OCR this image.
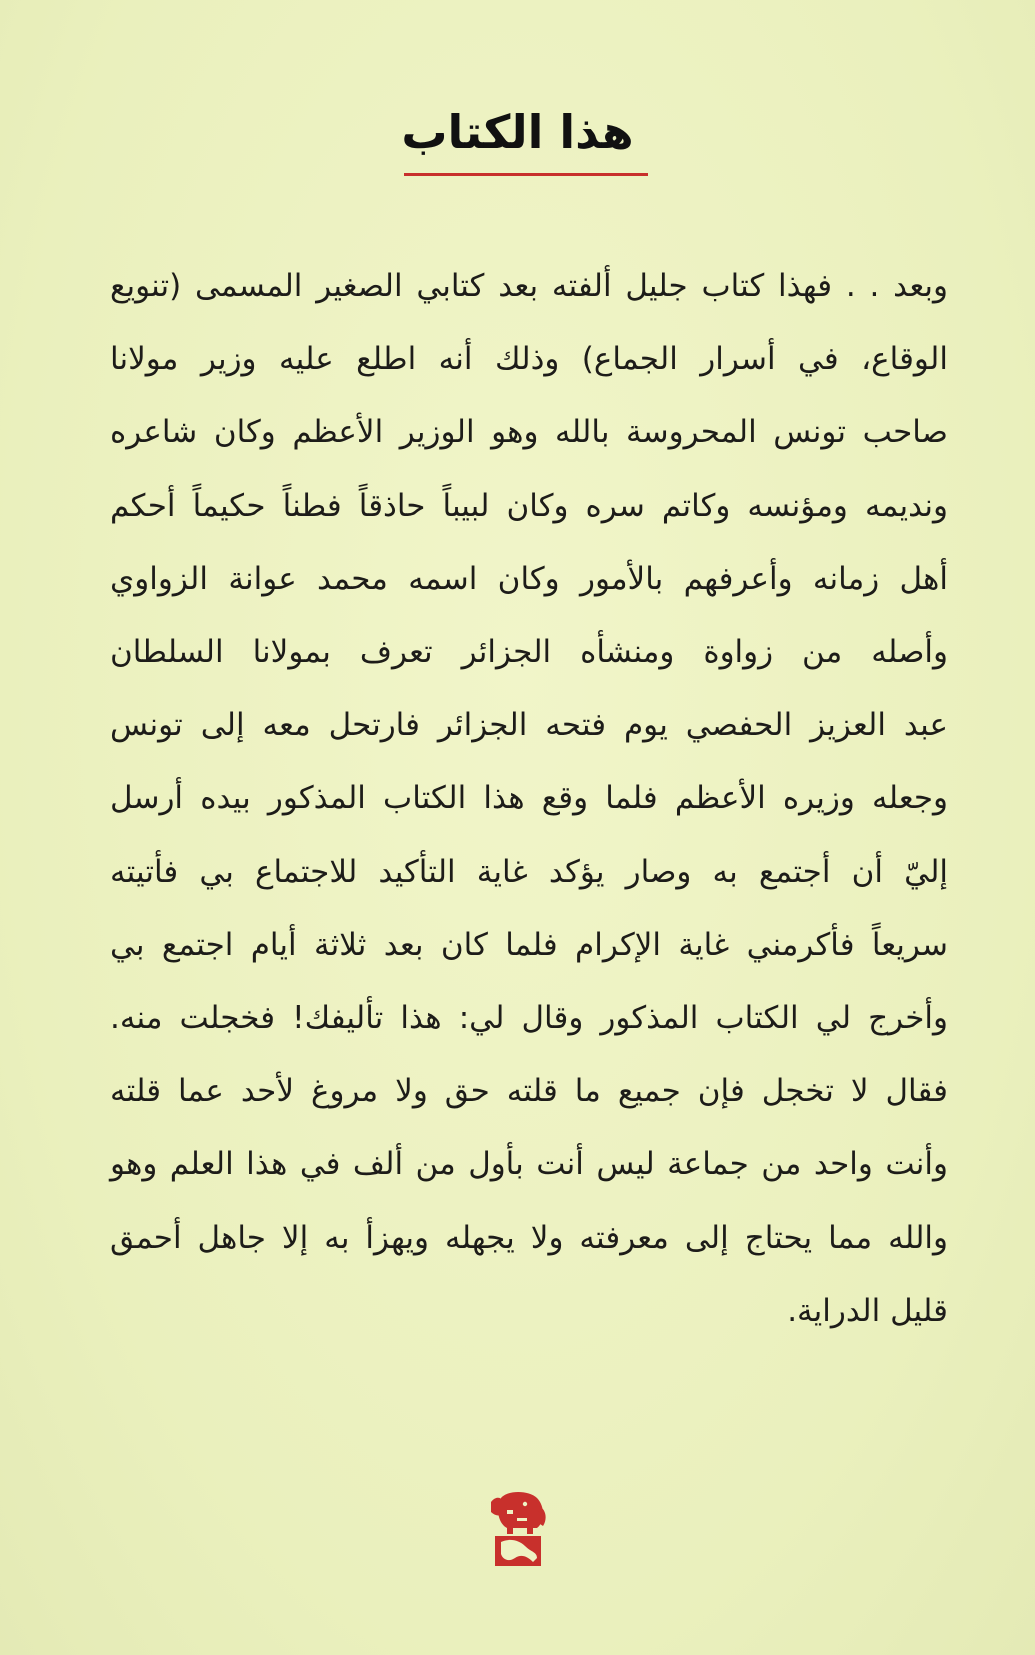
هذا الكتاب
وبعد . . فهذا كتاب جليل ألفته بعد كتابي الصغير المسمى (تنويع
الوقاع، في أسرار الجماع) وذلك أنه اطلع عليه وزير مولانا
صاحب تونس المحروسة بالله وهو الوزير الأعظم وكان شاعره
ونديمه ومؤنسه وكاتم سره وكان لبيباً حاذقاً فطناً حكيماً أحكم
أهل زمانه وأعرفهم بالأمور وكان اسمه محمد عوانة الزواوي
وأصله من زواوة ومنشأه الجزائر تعرف بمولانا السلطان
عبد العزيز الحفصي يوم فتحه الجزائر فارتحل معه إلى تونس
وجعله وزيره الأعظم فلما وقع هذا الكتاب المذكور بيده أرسل
إليّ أن أجتمع به وصار يؤكد غاية التأكيد للاجتماع بي فأتيته
سريعاً فأكرمني غاية الإكرام فلما كان بعد ثلاثة أيام اجتمع بي
وأخرج لي الكتاب المذكور وقال لي: هذا تأليفك! فخجلت منه.
فقال لا تخجل فإن جميع ما قلته حق ولا مروغ لأحد عما قلته
وأنت واحد من جماعة ليس أنت بأول من ألف في هذا العلم وهو
والله مما يحتاج إلى معرفته ولا يجهله ويهزأ به إلا جاهل أحمق
قليل الدراية.
